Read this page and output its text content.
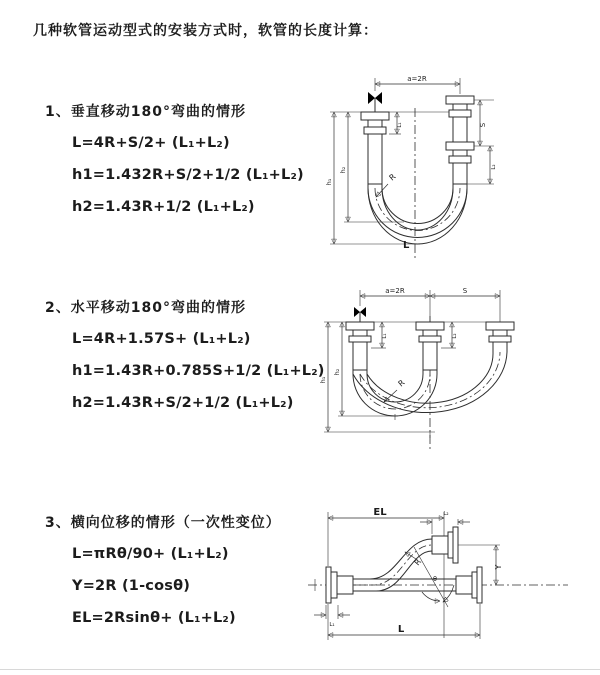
几种软管运动型式的安装方式时，软管的长度计算：
1、垂直移动180°弯曲的情形
L=4R+S/2+ (L₁+L₂)
h1=1.432R+S/2+1/2 (L₁+L₂)
h2=1.43R+1/2 (L₁+L₂)
a=2R
h₁
h₂
L₁	S
L₂
R
L
2、水平移动180°弯曲的情形
L=4R+1.57S+ (L₁+L₂)
h1=1.43R+0.785S+1/2 (L₁+L₂)
h2=1.43R+S/2+1/2 (L₁+L₂)
a=2R	S
h₁
h₂
L₁	L₂
R
3、横向位移的情形（一次性变位）
L=πRθ/90+ (L₁+L₂)
Y=2R (1-cosθ)
EL=2Rsinθ+ (L₁+L₂)
θ
R
EL
L
Y
L₁
L₂
